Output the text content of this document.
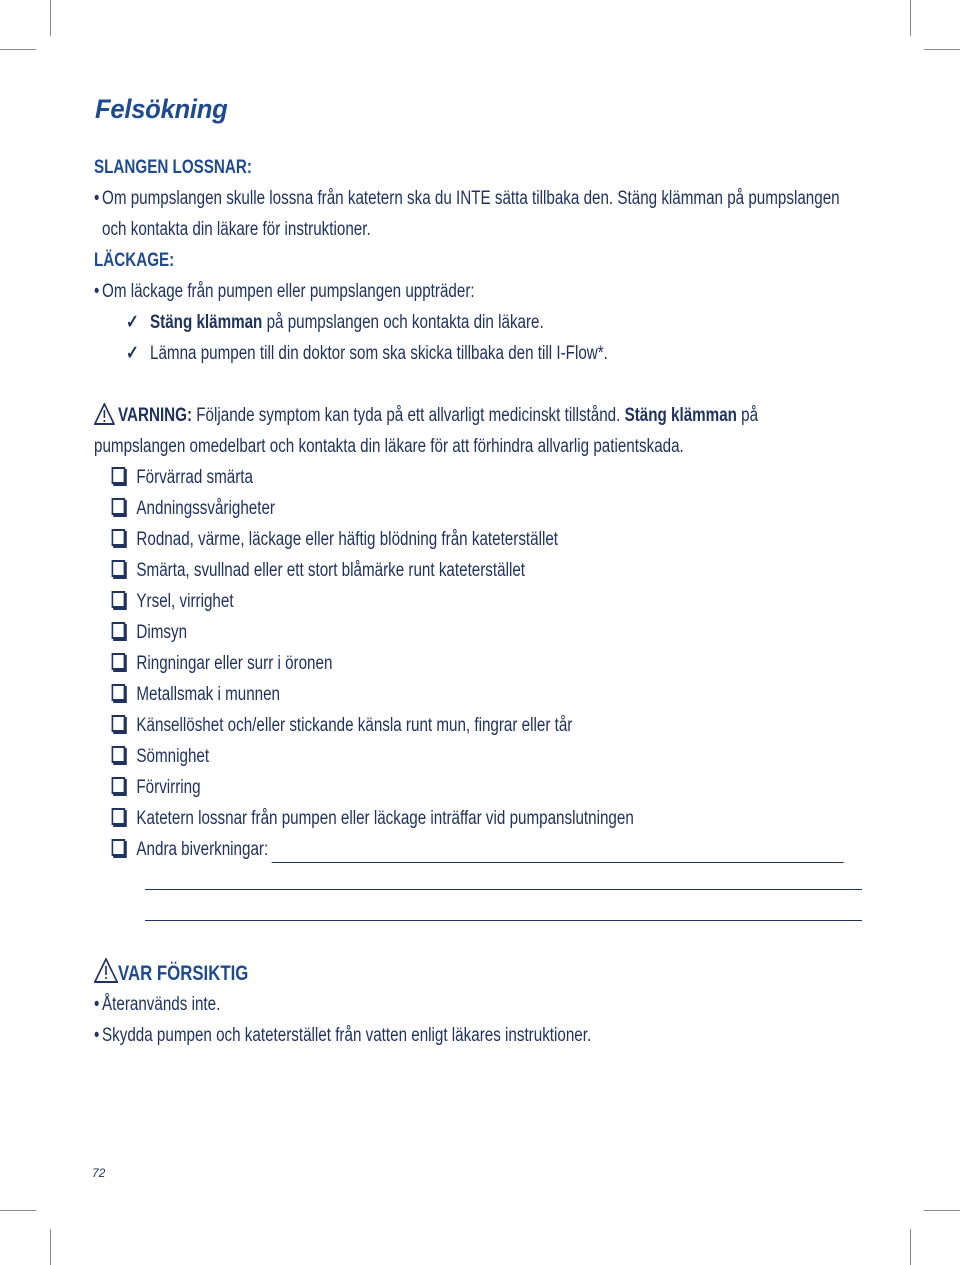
Felsökning
SLANGEN LOSSNAR:
• Om pumpslangen skulle lossna från katetern ska du INTE sätta tillbaka den. Stäng klämman på pumpslangen
och kontakta din läkare för instruktioner.
LÄCKAGE:
• Om läckage från pumpen eller pumpslangen uppträder:
✓ Stäng klämman på pumpslangen och kontakta din läkare.
✓ Lämna pumpen till din doktor som ska skicka tillbaka den till I-Flow*.
VARNING: Följande symptom kan tyda på ett allvarligt medicinskt tillstånd. Stäng klämman på
pumpslangen omedelbart och kontakta din läkare för att förhindra allvarlig patientskada.
Förvärrad smärta
Andningssvårigheter
Rodnad, värme, läckage eller häftig blödning från kateterstället
Smärta, svullnad eller ett stort blåmärke runt kateterstället
Yrsel, virrighet
Dimsyn
Ringningar eller surr i öronen
Metallsmak i munnen
Känsellöshet och/eller stickande känsla runt mun, fingrar eller tår
Sömnighet
Förvirring
Katetern lossnar från pumpen eller läckage inträffar vid pumpanslutningen
Andra biverkningar:
VAR FÖRSIKTIG
• Återanvänds inte.
• Skydda pumpen och kateterstället från vatten enligt läkares instruktioner.
72
